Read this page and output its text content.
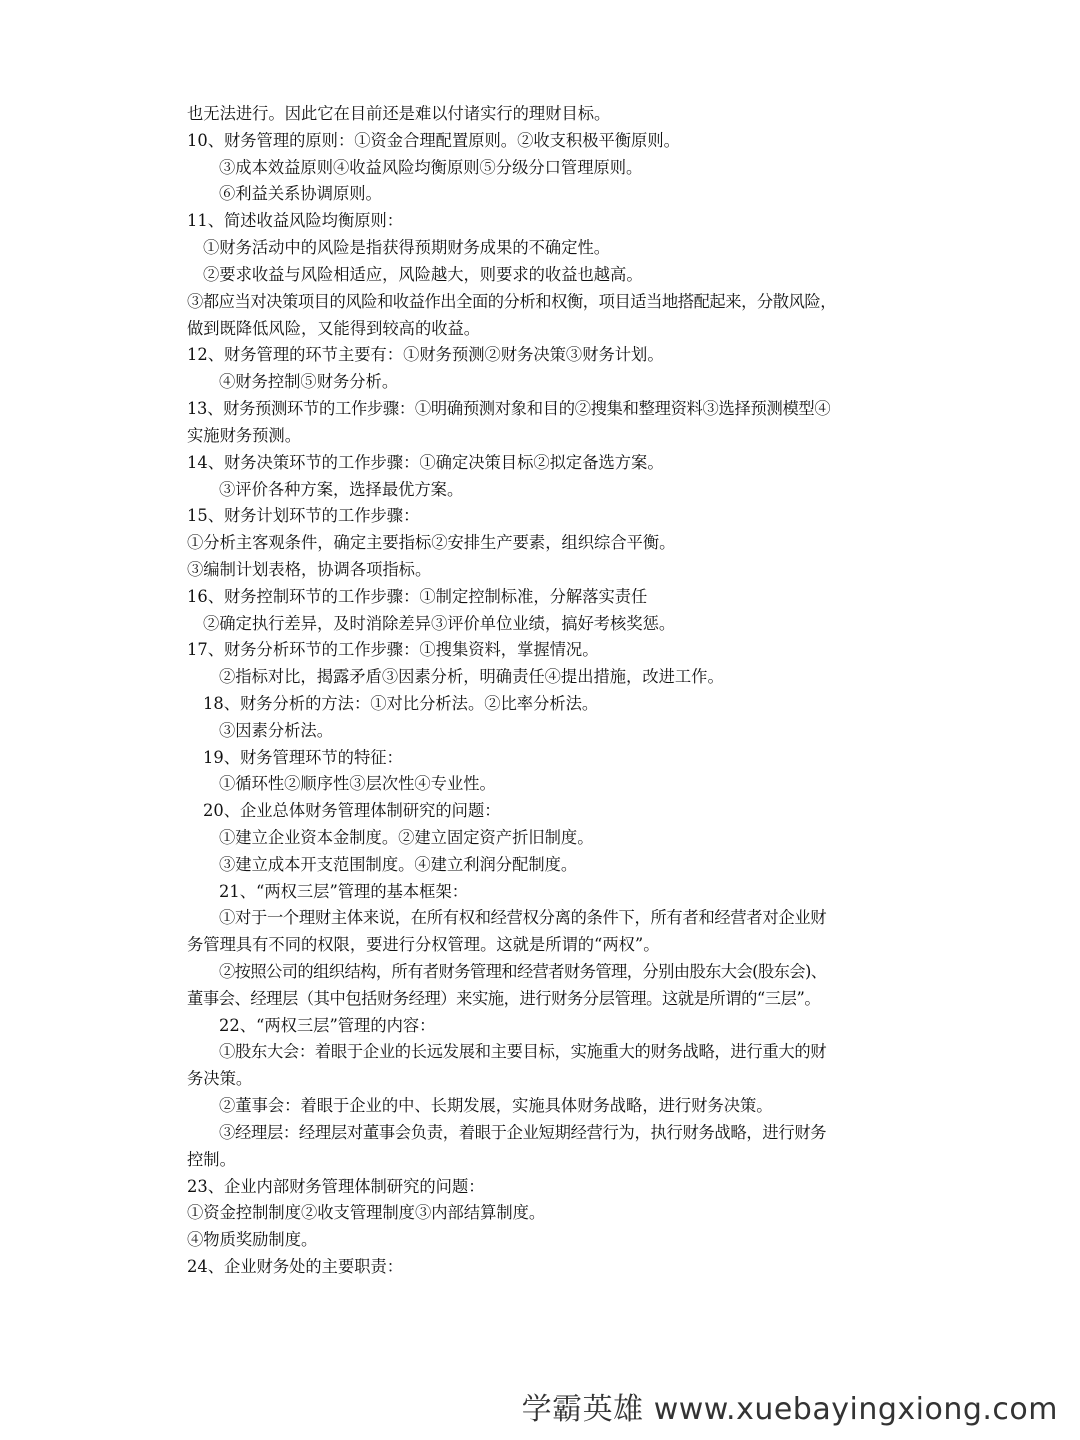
也无法进行。因此它在目前还是难以付诸实行的理财目标。
10、财务管理的原则：①资金合理配置原则。②收支积极平衡原则。
③成本效益原则④收益风险均衡原则⑤分级分口管理原则。
⑥利益关系协调原则。
11、简述收益风险均衡原则：
①财务活动中的风险是指获得预期财务成果的不确定性。
②要求收益与风险相适应，风险越大，则要求的收益也越高。
③都应当对决策项目的风险和收益作出全面的分析和权衡，项目适当地搭配起来，分散风险，
做到既降低风险，又能得到较高的收益。
12、财务管理的环节主要有：①财务预测②财务决策③财务计划。
④财务控制⑤财务分析。
13、财务预测环节的工作步骤：①明确预测对象和目的②搜集和整理资料③选择预测模型④
实施财务预测。
14、财务决策环节的工作步骤：①确定决策目标②拟定备选方案。
③评价各种方案，选择最优方案。
15、财务计划环节的工作步骤：
①分析主客观条件，确定主要指标②安排生产要素，组织综合平衡。
③编制计划表格，协调各项指标。
16、财务控制环节的工作步骤：①制定控制标准，分解落实责任
②确定执行差异，及时消除差异③评价单位业绩，搞好考核奖惩。
17、财务分析环节的工作步骤：①搜集资料，掌握情况。
②指标对比，揭露矛盾③因素分析，明确责任④提出措施，改进工作。
18、财务分析的方法：①对比分析法。②比率分析法。
③因素分析法。
19、财务管理环节的特征：
①循环性②顺序性③层次性④专业性。
20、企业总体财务管理体制研究的问题：
①建立企业资本金制度。②建立固定资产折旧制度。
③建立成本开支范围制度。④建立利润分配制度。
21、“两权三层”管理的基本框架：
①对于一个理财主体来说，在所有权和经营权分离的条件下，所有者和经营者对企业财
务管理具有不同的权限，要进行分权管理。这就是所谓的“两权”。
②按照公司的组织结构，所有者财务管理和经营者财务管理，分别由股东大会(股东会)、
董事会、经理层（其中包括财务经理）来实施，进行财务分层管理。这就是所谓的“三层”。
22、“两权三层”管理的内容：
①股东大会：着眼于企业的长远发展和主要目标，实施重大的财务战略，进行重大的财
务决策。
②董事会：着眼于企业的中、长期发展，实施具体财务战略，进行财务决策。
③经理层：经理层对董事会负责，着眼于企业短期经营行为，执行财务战略，进行财务
控制。
23、企业内部财务管理体制研究的问题：
①资金控制制度②收支管理制度③内部结算制度。
④物质奖励制度。
24、企业财务处的主要职责：
学霸英雄 www.xuebayingxiong.com
